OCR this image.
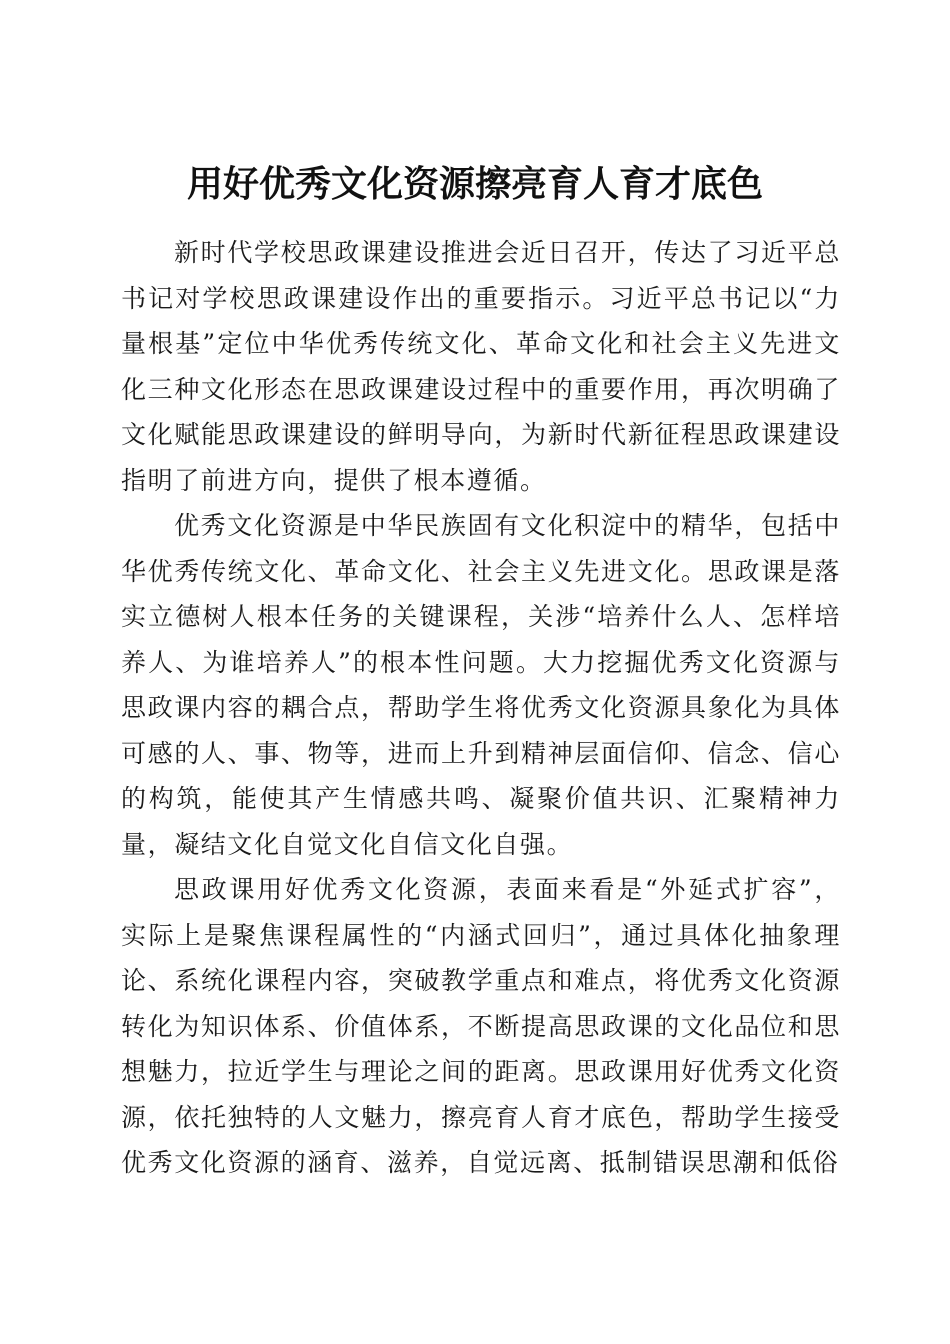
用好优秀文化资源擦亮育人育才底色

新时代学校思政课建设推进会近日召开，传达了习近平总书记对学校思政课建设作出的重要指示。习近平总书记以“力量根基”定位中华优秀传统文化、革命文化和社会主义先进文化三种文化形态在思政课建设过程中的重要作用，再次明确了文化赋能思政课建设的鲜明导向，为新时代新征程思政课建设指明了前进方向，提供了根本遵循。

优秀文化资源是中华民族固有文化积淀中的精华，包括中华优秀传统文化、革命文化、社会主义先进文化。思政课是落实立德树人根本任务的关键课程，关涉“培养什么人、怎样培养人、为谁培养人”的根本性问题。大力挖掘优秀文化资源与思政课内容的耦合点，帮助学生将优秀文化资源具象化为具体可感的人、事、物等，进而上升到精神层面信仰、信念、信心的构筑，能使其产生情感共鸣、凝聚价值共识、汇聚精神力量，凝结文化自觉文化自信文化自强。

思政课用好优秀文化资源，表面来看是“外延式扩容”，实际上是聚焦课程属性的“内涵式回归”，通过具体化抽象理论、系统化课程内容，突破教学重点和难点，将优秀文化资源转化为知识体系、价值体系，不断提高思政课的文化品位和思想魅力，拉近学生与理论之间的距离。思政课用好优秀文化资源，依托独特的人文魅力，擦亮育人育才底色，帮助学生接受优秀文化资源的涵育、滋养，自觉远离、抵制错误思潮和低俗
